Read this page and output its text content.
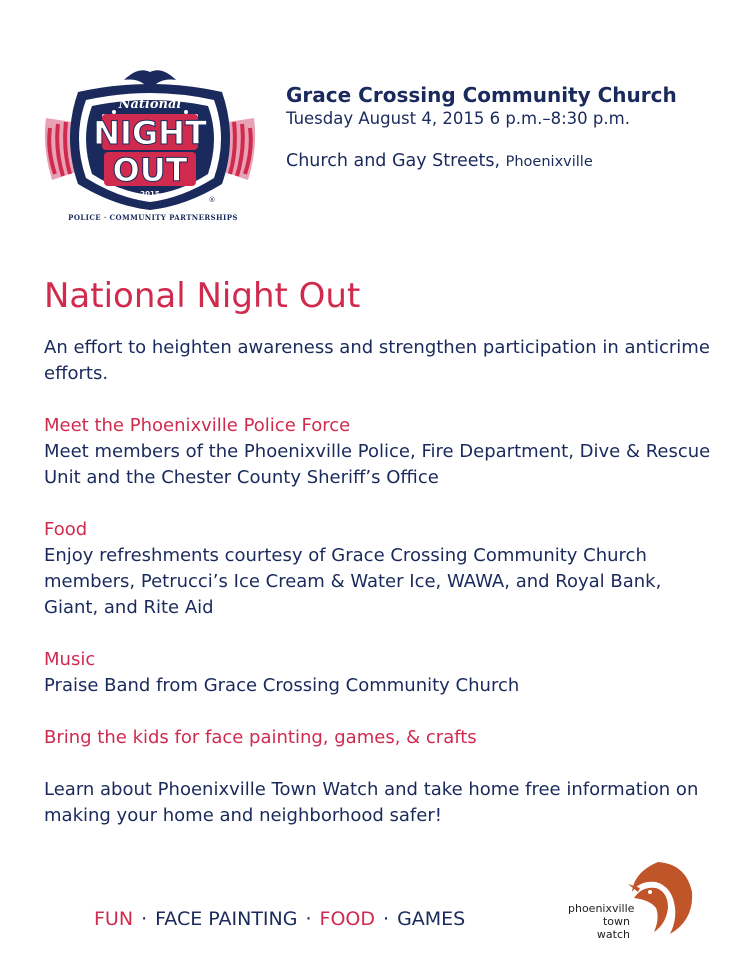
National
NIGHT
OUT
2015
®
POLICE · COMMUNITY PARTNERSHIPS
Grace Crossing Community Church
Tuesday August 4, 2015 6 p.m.–8:30 p.m.
Church and Gay Streets, Phoenixville
National Night Out
An effort to heighten awareness and strengthen participation in anticrime efforts.
Meet the Phoenixville Police Force
Meet members of the Phoenixville Police, Fire Department, Dive & Rescue Unit and the Chester County Sheriff’s Office
Food
Enjoy refreshments courtesy of Grace Crossing Community Church members, Petrucci’s Ice Cream & Water Ice, WAWA, and Royal Bank, Giant, and Rite Aid
Music
Praise Band from Grace Crossing Community Church
Bring the kids for face painting, games, & crafts
Learn about Phoenixville Town Watch and take home free information on making your home and neighborhood safer!
FUN · FACE PAINTING · FOOD · GAMES	phoenixville
town watch
